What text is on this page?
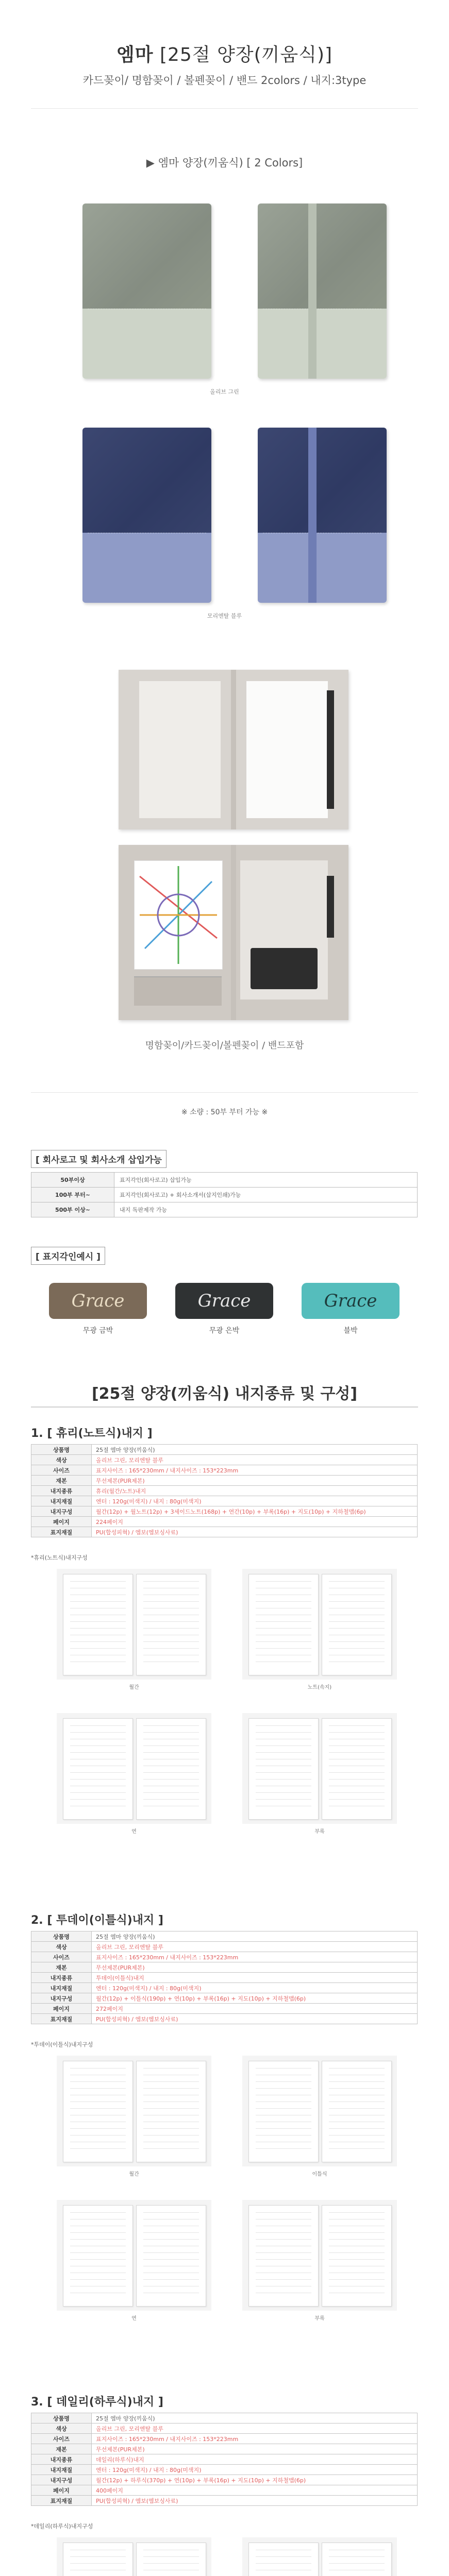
엠마 [25절 양장(끼움식)]
카드꽂이/ 명함꽂이 / 볼펜꽂이 / 밴드 2colors / 내지:3type
▶ 엠마 양장(끼움식) [ 2 Colors]
올리브 그린
모리엔탈 블루
명함꽂이/카드꽂이/볼펜꽂이 / 밴드포함
※ 소량 : 50부 부터 가능 ※
[ 회사로고 및 회사소개 삽입가능
50부이상	표지각인(회사로고) 삽입가능
100부 부터~	표지각인(회사로고) + 회사소개서(삽지인쇄)가능
500부 이상~	내지 독판제작 가능
[ 표지각인예시 ]
Grace	Grace	Grace
무광 금박	무광 은박	블박
[25절 양장(끼움식) 내지종류 및 구성]
1. [ 휴리(노트식)내지 ]
상품명	25절 엠마 양장(끼움식)
색상	올리브 그린, 모리엔탈 블루
사이즈	표지사이즈 : 165*230mm / 내지사이즈 : 153*223mm
재본	무선제본(PUR제본)
내지종류	휴리(월간/노트)내지
내지재질	엔터 : 120g(미색지) / 내지 : 80g(미색지)
내지구성	월간(12p) + 월노트(12p) + 3세이드노트(168p) + 연간(10p) + 부록(16p) + 지도(10p) + 지하철맵(6p)
페이지	224페이지
표지재질	PU(합성피혁) / 엠보(엠보싱사료)
*휴리(노트식)내지구성
월간	노트(속지)
연	부록
2. [ 투데이(이틀식)내지 ]
상품명	25절 엠마 양장(끼움식)
색상	올리브 그린, 모리엔탈 블루
사이즈	표지사이즈 : 165*230mm / 내지사이즈 : 153*223mm
재본	무선제본(PUR제본)
내지종류	투데이(이틀식)내지
내지재질	엔터 : 120g(미색지) / 내지 : 80g(미색지)
내지구성	월간(12p) + 이틀식(190p) + 연(10p) + 부록(16p) + 지도(10p) + 지하철맵(6p)
페이지	272페이지
표지재질	PU(합성피혁) / 엠보(엠보싱사료)
*투데이(이틀식)내지구성
월간	이틀식
연	부록
3. [ 데일리(하루식)내지 ]
상품명	25절 엠마 양장(끼움식)
색상	올리브 그린, 모리엔탈 블루
사이즈	표지사이즈 : 165*230mm / 내지사이즈 : 153*223mm
재본	무선제본(PUR제본)
내지종류	데일리(하루식)내지
내지재질	엔터 : 120g(미색지) / 내지 : 80g(미색지)
내지구성	월간(12p) + 하루식(370p) + 연(10p) + 부록(16p) + 지도(10p) + 지하철맵(6p)
페이지	400페이지
표지재질	PU(합성피혁) / 엠보(엠보싱사료)
*데일리(하루식)내지구성
